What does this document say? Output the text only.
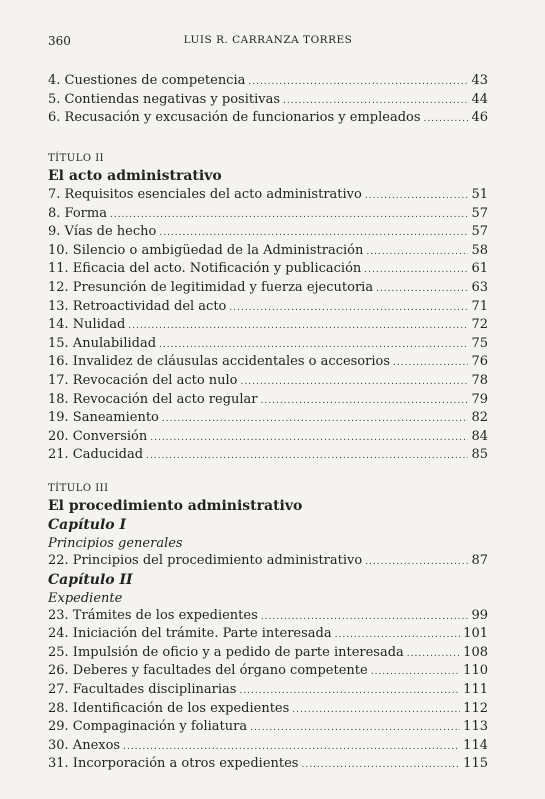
360	LUIS R. CARRANZA TORRES
4. Cuestiones de competencia .....	43
5. Contiendas negativas y positivas .....	44
6. Recusación y excusación de funcionarios y empleados .....	46
TÍTULO II
El acto administrativo
7. Requisitos esenciales del acto administrativo .....	51
8. Forma .....	57
9. Vías de hecho .....	57
10. Silencio o ambigüedad de la Administración .....	58
11. Eficacia del acto. Notificación y publicación .....	61
12. Presunción de legitimidad y fuerza ejecutoria .....	63
13. Retroactividad del acto .....	71
14. Nulidad .....	72
15. Anulabilidad .....	75
16. Invalidez de cláusulas accidentales o accesorios .....	76
17. Revocación del acto nulo .....	78
18. Revocación del acto regular .....	79
19. Saneamiento .....	82
20. Conversión .....	84
21. Caducidad .....	85
TÍTULO III
El procedimiento administrativo
Capítulo I
Principios generales
22. Principios del procedimiento administrativo .....	87
Capítulo II
Expediente
23. Trámites de los expedientes .....	99
24. Iniciación del trámite. Parte interesada .....	101
25. Impulsión de oficio y a pedido de parte interesada .....	108
26. Deberes y facultades del órgano competente .....	110
27. Facultades disciplinarias .....	111
28. Identificación de los expedientes .....	112
29. Compaginación y foliatura .....	113
30. Anexos .....	114
31. Incorporación a otros expedientes .....	115
